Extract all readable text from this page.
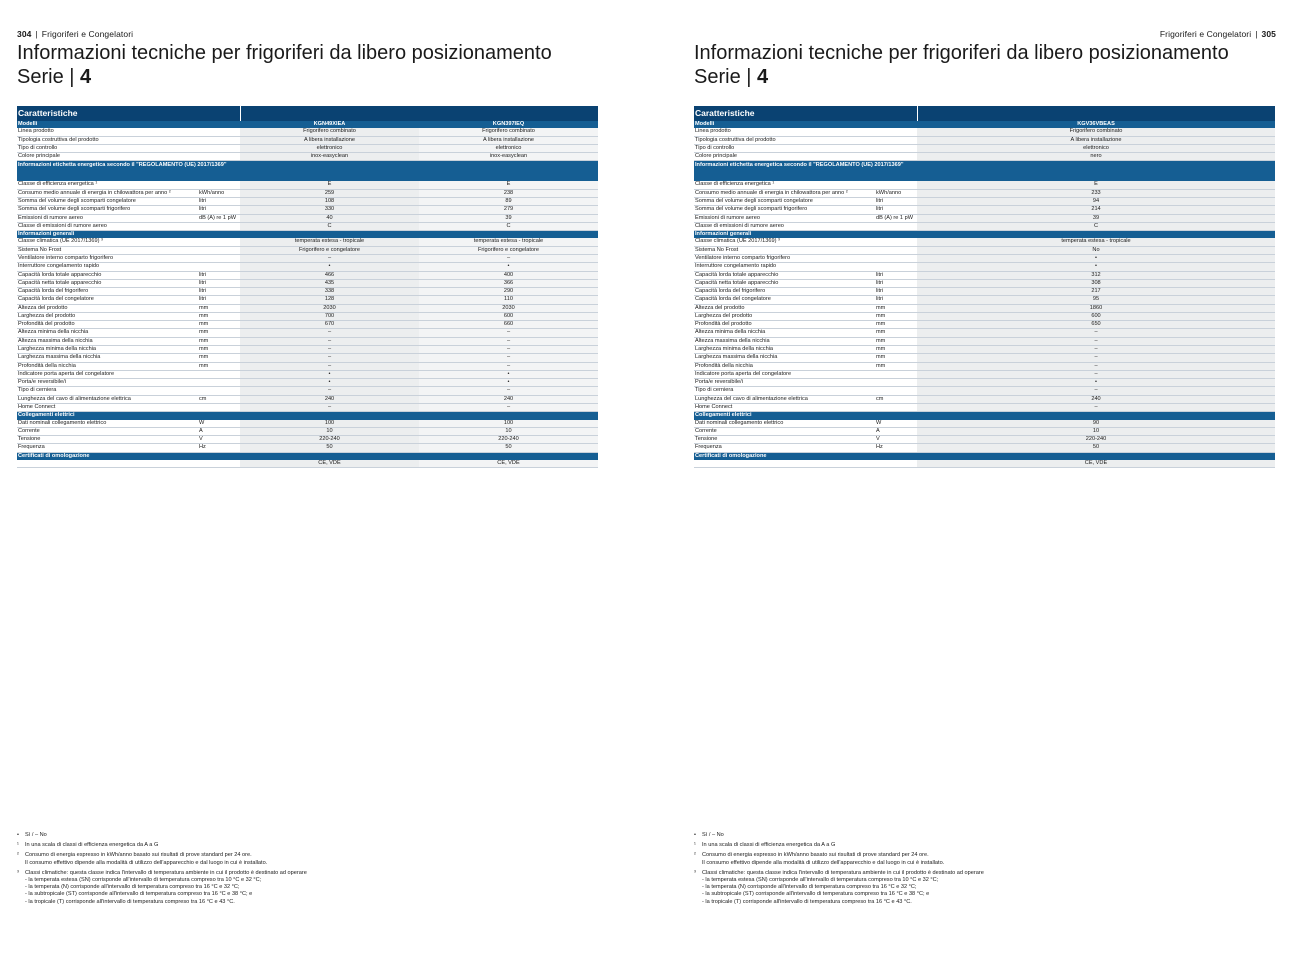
304 | Frigoriferi e Congelatori
Informazioni tecniche per frigoriferi da libero posizionamento
Serie | 4
Caratteristiche			
Modelli		KGN49XIEA	KGN397IEQ
Linea prodotto		Frigorifero combinato	Frigorifero combinato
Tipologia costruttiva del prodotto		A libera installazione	A libera installazione
Tipo di controllo		elettronico	elettronico
Colore principale		inox-easyclean	inox-easyclean
Informazioni etichetta energetica secondo il "REGOLAMENTO (UE) 2017/1369"			
Classe di efficienza energetica ¹		E	E
Consumo medio annuale di energia in chilowattora per anno ²	kWh/anno	259	238
Somma del volume degli scomparti congelatore	litri	108	89
Somma del volume degli scomparti frigorifero	litri	330	279
Emissioni di rumore aereo	dB (A) re 1 pW	40	39
Classe di emissioni di rumore aereo		C	C
Informazioni generali			
Classe climatica (UE 2017/1369) ³		temperata estesa - tropicale	temperata estesa - tropicale
Sistema No Frost		Frigorifero e congelatore	Frigorifero e congelatore
Ventilatore interno comparto frigorifero		–	–
Interruttore congelamento rapido		•	•
Capacità lorda totale apparecchio	litri	466	400
Capacità netta totale apparecchio	litri	435	366
Capacità lorda del frigorifero	litri	338	290
Capacità lorda del congelatore	litri	128	110
Altezza del prodotto	mm	2030	2030
Larghezza del prodotto	mm	700	600
Profondità del prodotto	mm	670	660
Altezza minima della nicchia	mm	–	–
Altezza massima della nicchia	mm	–	–
Larghezza minima della nicchia	mm	–	–
Larghezza massima della nicchia	mm	–	–
Profondità della nicchia	mm	–	–
Indicatore porta aperta del congelatore		•	•
Porta/e reversibile/i		•	•
Tipo di cerniera		–	–
Lunghezza del cavo di alimentazione elettrica	cm	240	240
Home Connect		–	–
Collegamenti elettrici			
Dati nominali collegamento elettrico	W	100	100
Corrente	A	10	10
Tensione	V	220-240	220-240
Frequenza	Hz	50	50
Certificati di omologazione			
		CE, VDE	CE, VDE
•	Sì / – No
¹	In una scala di classi di efficienza energetica da A a G
²	Consumo di energia espresso in kWh/anno basato sui risultati di prove standard per 24 ore.
Il consumo effettivo dipende alla modalità di utilizzo dell'apparecchio e dal luogo in cui è installato.
³	Classi climatiche: questa classe indica l'intervallo di temperatura ambiente in cui il prodotto è destinato ad operare
- la temperata estesa (SN) corrisponde all'intervallo di temperatura compreso tra 10 °C e 32 °C;
- la temperata (N) corrisponde all'intervallo di temperatura compreso tra 16 °C e 32 °C;
- la subtropicale (ST) corrisponde all'intervallo di temperatura compreso tra 16 °C e 38 °C; e
- la tropicale (T) corrisponde all'intervallo di temperatura compreso tra 16 °C e 43 °C.
Frigoriferi e Congelatori | 305
Informazioni tecniche per frigoriferi da libero posizionamento
Serie | 4
Caratteristiche		
Modelli		KGV36VBEAS
Linea prodotto		Frigorifero combinato
Tipologia costruttiva del prodotto		A libera installazione
Tipo di controllo		elettronico
Colore principale		nero
Informazioni etichetta energetica secondo il "REGOLAMENTO (UE) 2017/1369"		
Classe di efficienza energetica ¹		E
Consumo medio annuale di energia in chilowattora per anno ²	kWh/anno	233
Somma del volume degli scomparti congelatore	litri	94
Somma del volume degli scomparti frigorifero	litri	214
Emissioni di rumore aereo	dB (A) re 1 pW	39
Classe di emissioni di rumore aereo		C
Informazioni generali		
Classe climatica (UE 2017/1369) ³		temperata estesa - tropicale
Sistema No Frost		No
Ventilatore interno comparto frigorifero		•
Interruttore congelamento rapido		•
Capacità lorda totale apparecchio	litri	312
Capacità netta totale apparecchio	litri	308
Capacità lorda del frigorifero	litri	217
Capacità lorda del congelatore	litri	95
Altezza del prodotto	mm	1860
Larghezza del prodotto	mm	600
Profondità del prodotto	mm	650
Altezza minima della nicchia	mm	–
Altezza massima della nicchia	mm	–
Larghezza minima della nicchia	mm	–
Larghezza massima della nicchia	mm	–
Profondità della nicchia	mm	–
Indicatore porta aperta del congelatore		–
Porta/e reversibile/i		•
Tipo di cerniera		–
Lunghezza del cavo di alimentazione elettrica	cm	240
Home Connect		–
Collegamenti elettrici		
Dati nominali collegamento elettrico	W	90
Corrente	A	10
Tensione	V	220-240
Frequenza	Hz	50
Certificati di omologazione		
		CE, VDE
•	Sì / – No
¹	In una scala di classi di efficienza energetica da A a G
²	Consumo di energia espresso in kWh/anno basato sui risultati di prove standard per 24 ore.
Il consumo effettivo dipende alla modalità di utilizzo dell'apparecchio e dal luogo in cui è installato.
³	Classi climatiche: questa classe indica l'intervallo di temperatura ambiente in cui il prodotto è destinato ad operare
- la temperata estesa (SN) corrisponde all'intervallo di temperatura compreso tra 10 °C e 32 °C;
- la temperata (N) corrisponde all'intervallo di temperatura compreso tra 16 °C e 32 °C;
- la subtropicale (ST) corrisponde all'intervallo di temperatura compreso tra 16 °C e 38 °C; e
- la tropicale (T) corrisponde all'intervallo di temperatura compreso tra 16 °C e 43 °C.
